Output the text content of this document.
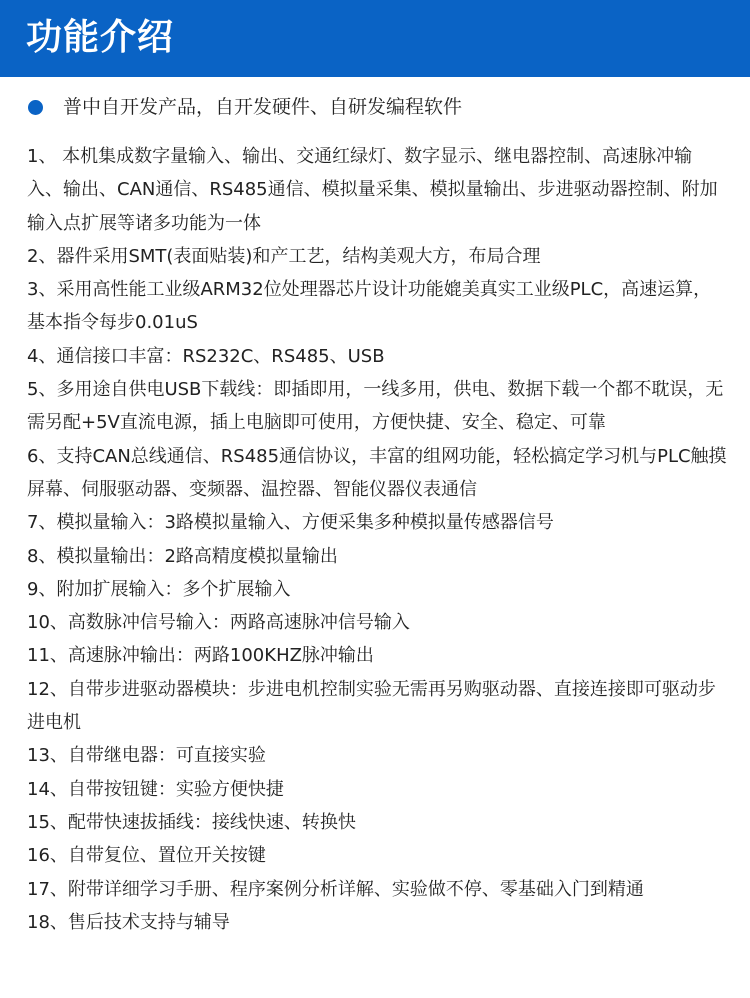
功能介绍
普中自开发产品，自开发硬件、自研发编程软件
1、 本机集成数字量输入、输出、交通红绿灯、数字显示、继电器控制、高速脉冲输入、输出、CAN通信、RS485通信、模拟量采集、模拟量输出、步进驱动器控制、附加输入点扩展等诸多功能为一体
2、器件采用SMT(表面贴装)和产工艺，结构美观大方，布局合理
3、采用高性能工业级ARM32位处理器芯片设计功能媲美真实工业级PLC，高速运算，基本指令每步0.01uS
4、通信接口丰富：RS232C、RS485、USB
5、多用途自供电USB下载线：即插即用，一线多用，供电、数据下载一个都不耽误，无需另配+5V直流电源，插上电脑即可使用，方便快捷、安全、稳定、可靠
6、支持CAN总线通信、RS485通信协议，丰富的组网功能，轻松搞定学习机与PLC触摸屏幕、伺服驱动器、变频器、温控器、智能仪器仪表通信
7、模拟量输入：3路模拟量输入、方便采集多种模拟量传感器信号
8、模拟量输出：2路高精度模拟量输出
9、附加扩展输入：多个扩展输入
10、高数脉冲信号输入：两路高速脉冲信号输入
11、高速脉冲输出：两路100KHZ脉冲输出
12、自带步进驱动器模块：步进电机控制实验无需再另购驱动器、直接连接即可驱动步进电机
13、自带继电器：可直接实验
14、自带按钮键：实验方便快捷
15、配带快速拔插线：接线快速、转换快
16、自带复位、置位开关按键
17、附带详细学习手册、程序案例分析详解、实验做不停、零基础入门到精通
18、售后技术支持与辅导
